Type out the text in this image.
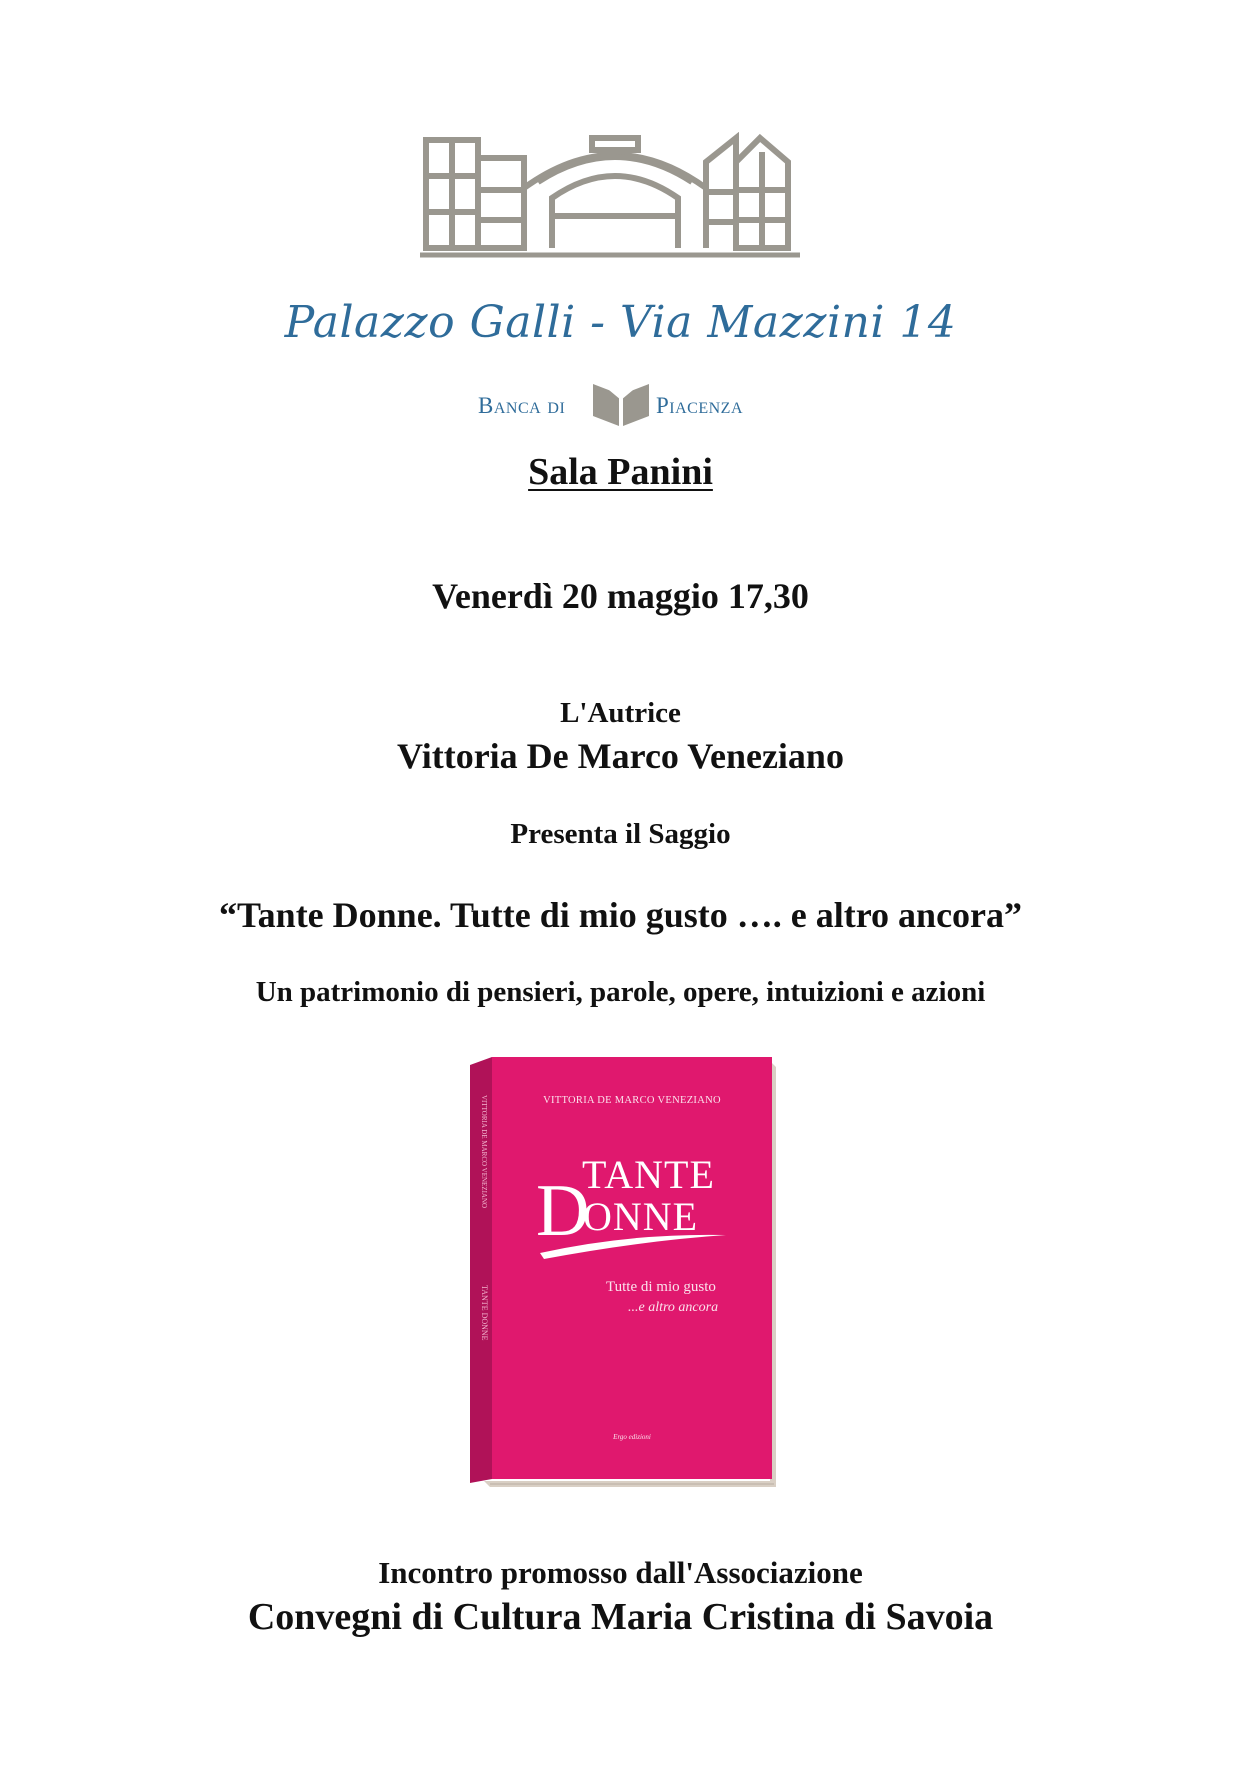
Palazzo Galli - Via Mazzini 14
Banca di	Piacenza
Sala Panini
Venerdì 20 maggio 17,30
L'Autrice
Vittoria De Marco Veneziano
Presenta il Saggio
“Tante Donne. Tutte di mio gusto …. e altro ancora”
Un patrimonio di pensieri, parole, opere, intuizioni e azioni
VITTORIA DE MARCO VENEZIANO
TANTE DONNE
VITTORIA DE MARCO VENEZIANO
D
TANTE
ONNE
Tutte di mio gusto
...e altro ancora
Ergo edizioni
Incontro promosso dall'Associazione
Convegni di Cultura Maria Cristina di Savoia
